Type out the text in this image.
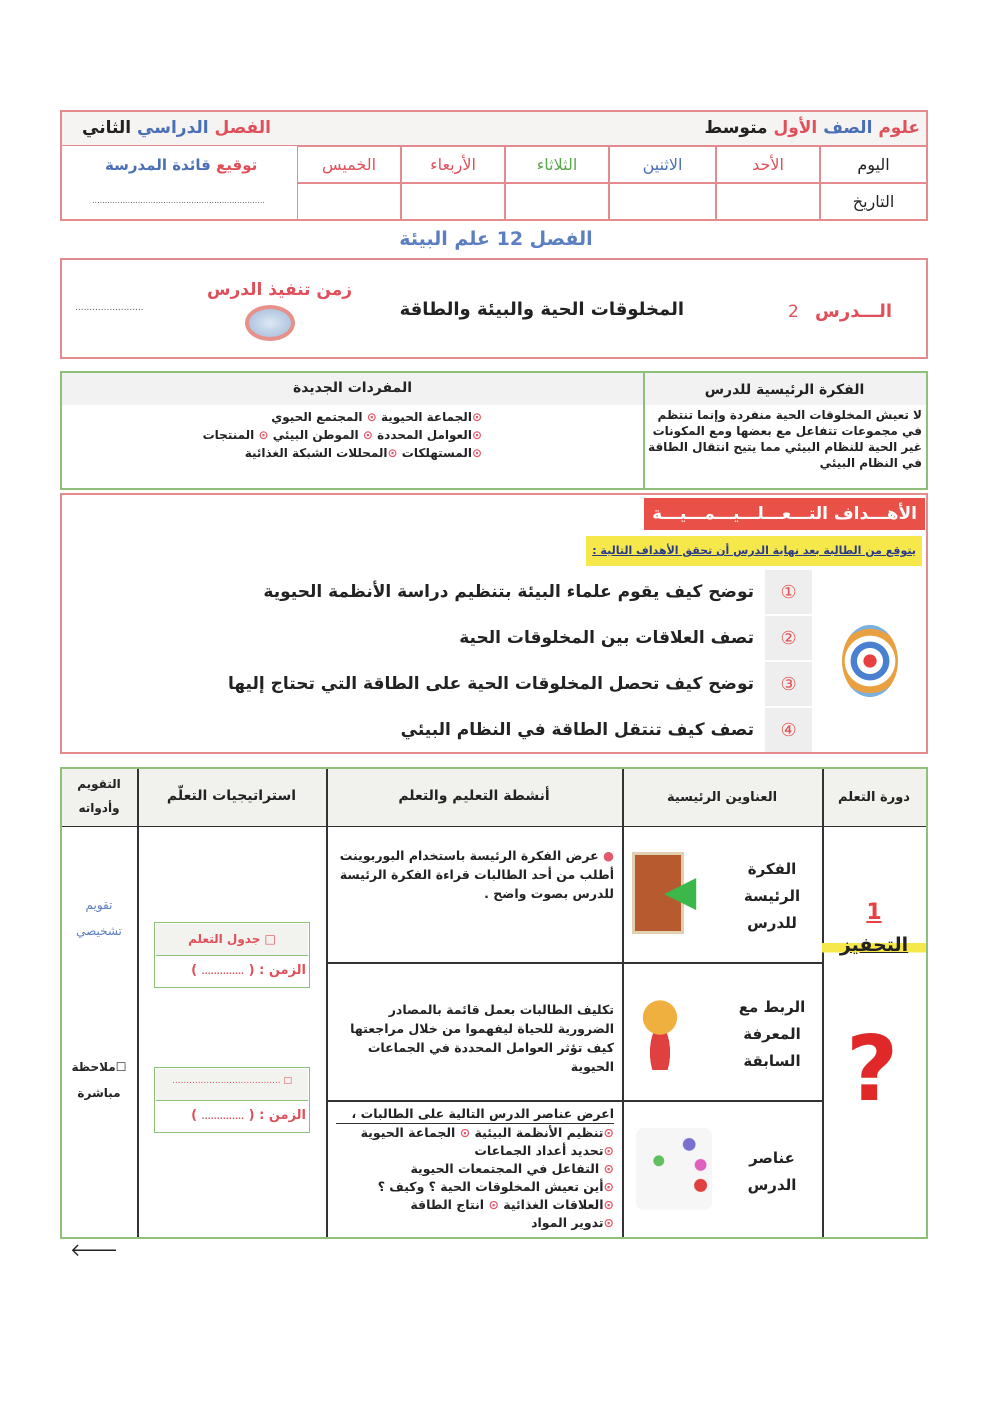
علوم الصف الأول متوسط
الفصل الدراسي الثاني
اليوم
التاريخ
الأحد
الاثنين
الثلاثاء
الأربعاء
الخميس
توقيع قائدة المدرسة
....................................................................
الفصل 12 علم البيئة
الـــدرس
2
المخلوقات الحية والبيئة والطاقة
زمن تنفيذ الدرس
........................
الفكرة الرئيسية للدرس
لا تعيش المخلوقات الحية منفردة وإنما تنتظم في مجموعات تتفاعل مع بعضها ومع المكونات غير الحية للنظام البيئي مما يتيح انتقال الطاقة في النظام البيئي
المفردات الجديدة
⊙الجماعة الحيوية ⊙ المجتمع الحيوي
⊙العوامل المحددة ⊙ الموطن البيئي ⊙ المنتجات
⊙المستهلكات ⊙المحللات الشبكة الغذائية
الأهـــداف التـــعـــلـــيـــمـــيـــة
يتوقع من الطالبة بعد نهاية الدرس أن تحقق الأهداف التالية :
①
②
③
④
توضح كيف يقوم علماء البيئة بتنظيم دراسة الأنظمة الحيوية
تصف العلاقات بين المخلوقات الحية
توضح كيف تحصل المخلوقات الحية على الطاقة التي تحتاج إليها
تصف كيف تنتقل الطاقة في النظام البيئي
دورة التعلم
العناوين الرئيسية
أنشطة التعليم والتعلم
استراتيجيات التعلّم
التقويم وأدواته
1
التحفيز
?
الفكرة الرئيسة للدرس
◀
الربط مع المعرفة السابقة
عناصر الدرس
● عرض الفكرة الرئيسة باستخدام البوربوينت أطلب من أحد الطالبات قراءة الفكرة الرئيسة للدرس بصوت واضح .
تكليف الطالبات بعمل قائمة بالمصادر الضرورية للحياة ليفهموا من خلال مراجعتها كيف تؤثر العوامل المحددة في الجماعات الحيوية
اعرض عناصر الدرس التالية على الطالبات ،
⊙تنظيم الأنظمة البيئية ⊙ الجماعة الحيوية
⊙تحديد أعداد الجماعات
⊙ التفاعل في المجتمعات الحيوية
⊙أين تعيش المخلوقات الحية ؟ وكيف ؟
⊙العلاقات الغذائية ⊙ انتاج الطاقة
⊙تدوير المواد
□ جدول التعلم
الزمن : ( .............. )
□ ......................................
الزمن : ( .............. )
تقويم تشخيصي
☐ملاحظة مباشرة
🡐
